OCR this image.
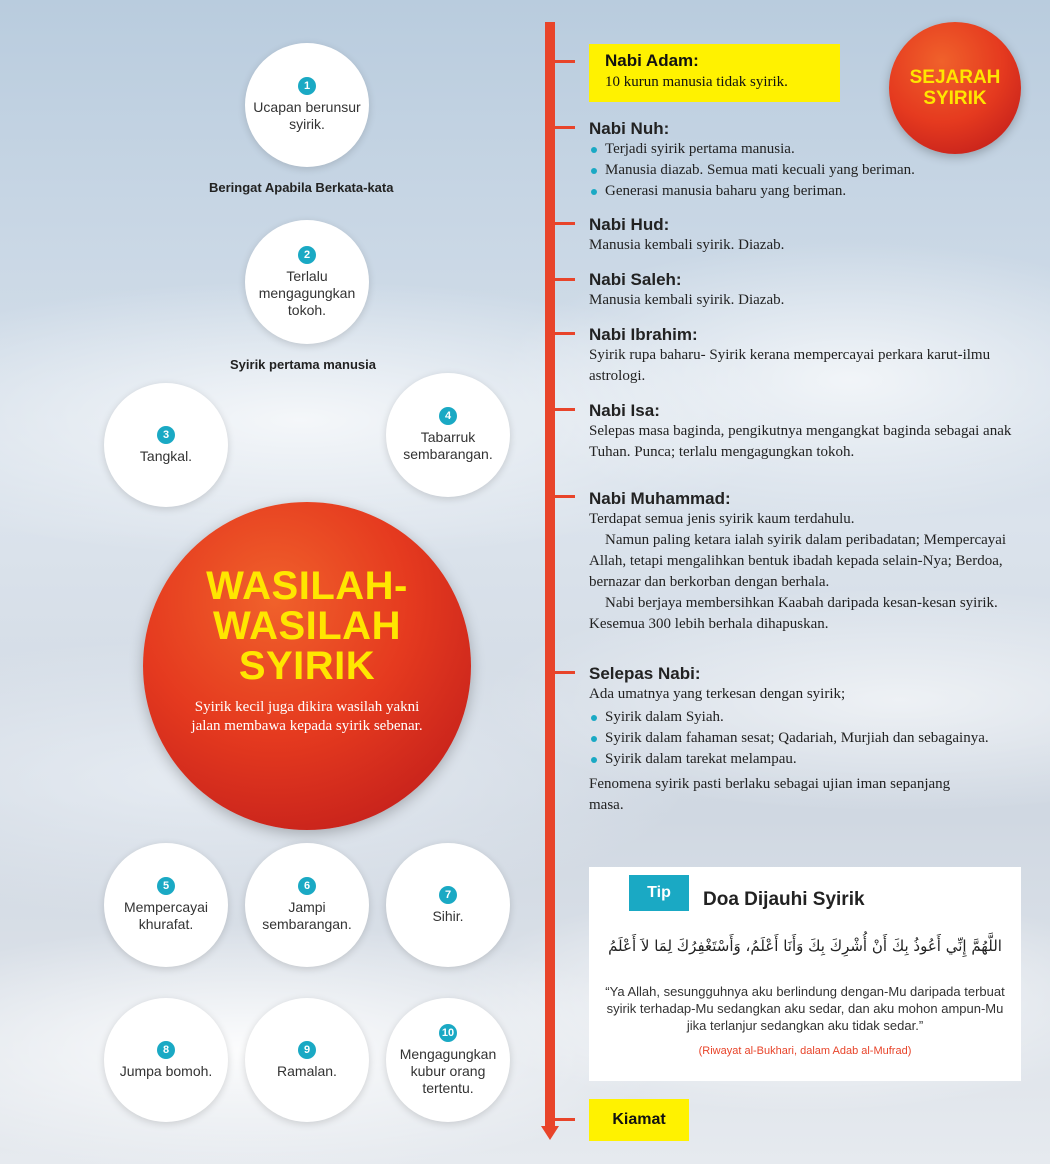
1
Ucapan berunsur syirik.
Beringat Apabila Berkata-kata
2
Terlalu mengagungkan tokoh.
Syirik pertama manusia
3
Tangkal.
4
Tabarruk sembarangan.
WASILAH-
WASILAH
SYIRIK
Syirik kecil juga dikira wasilah yakni jalan membawa kepada syirik sebenar.
5
Mempercayai khurafat.
6
Jampi sembarangan.
7
Sihir.
8
Jumpa bomoh.
9
Ramalan.
10
Mengagungkan kubur orang tertentu.
SEJARAH
SYIRIK
Nabi Adam:
10 kurun manusia tidak syirik.
Nabi Nuh:
Terjadi syirik pertama manusia.
Manusia diazab. Semua mati kecuali yang beriman.
Generasi manusia baharu yang beriman.
Nabi Hud:
Manusia kembali syirik. Diazab.
Nabi Saleh:
Manusia kembali syirik. Diazab.
Nabi Ibrahim:
Syirik rupa baharu- Syirik kerana mempercayai perkara karut-ilmu astrologi.
Nabi Isa:
Selepas masa baginda, pengikutnya mengangkat baginda sebagai anak Tuhan. Punca; terlalu mengagungkan tokoh.
Nabi Muhammad:
Terdapat semua jenis syirik kaum terdahulu.
Namun paling ketara ialah syirik dalam peribadatan; Mempercayai Allah, tetapi mengalihkan bentuk ibadah kepada selain-Nya; Berdoa, bernazar dan berkorban dengan berhala.
Nabi berjaya membersihkan Kaabah daripada kesan-kesan syirik. Kesemua 300 lebih berhala dihapuskan.
Selepas Nabi:
Ada umatnya yang terkesan dengan syirik;
Syirik dalam Syiah.
Syirik dalam fahaman sesat; Qadariah, Murjiah dan sebagainya.
Syirik dalam tarekat melampau.
Fenomena syirik pasti berlaku sebagai ujian iman sepanjang masa.
Tip	Doa Dijauhi Syirik
اللَّهُمَّ إِنِّي أَعُوذُ بِكَ أَنْ أُشْرِكَ بِكَ وَأَنَا أَعْلَمُ، وَأَسْتَغْفِرُكَ لِمَا لاَ أَعْلَمُ
“Ya Allah, sesungguhnya aku berlindung dengan-Mu daripada terbuat syirik terhadap-Mu sedangkan aku sedar, dan aku mohon ampun-Mu jika terlanjur sedangkan aku tidak sedar.”
(Riwayat al-Bukhari, dalam Adab al-Mufrad)
Kiamat
